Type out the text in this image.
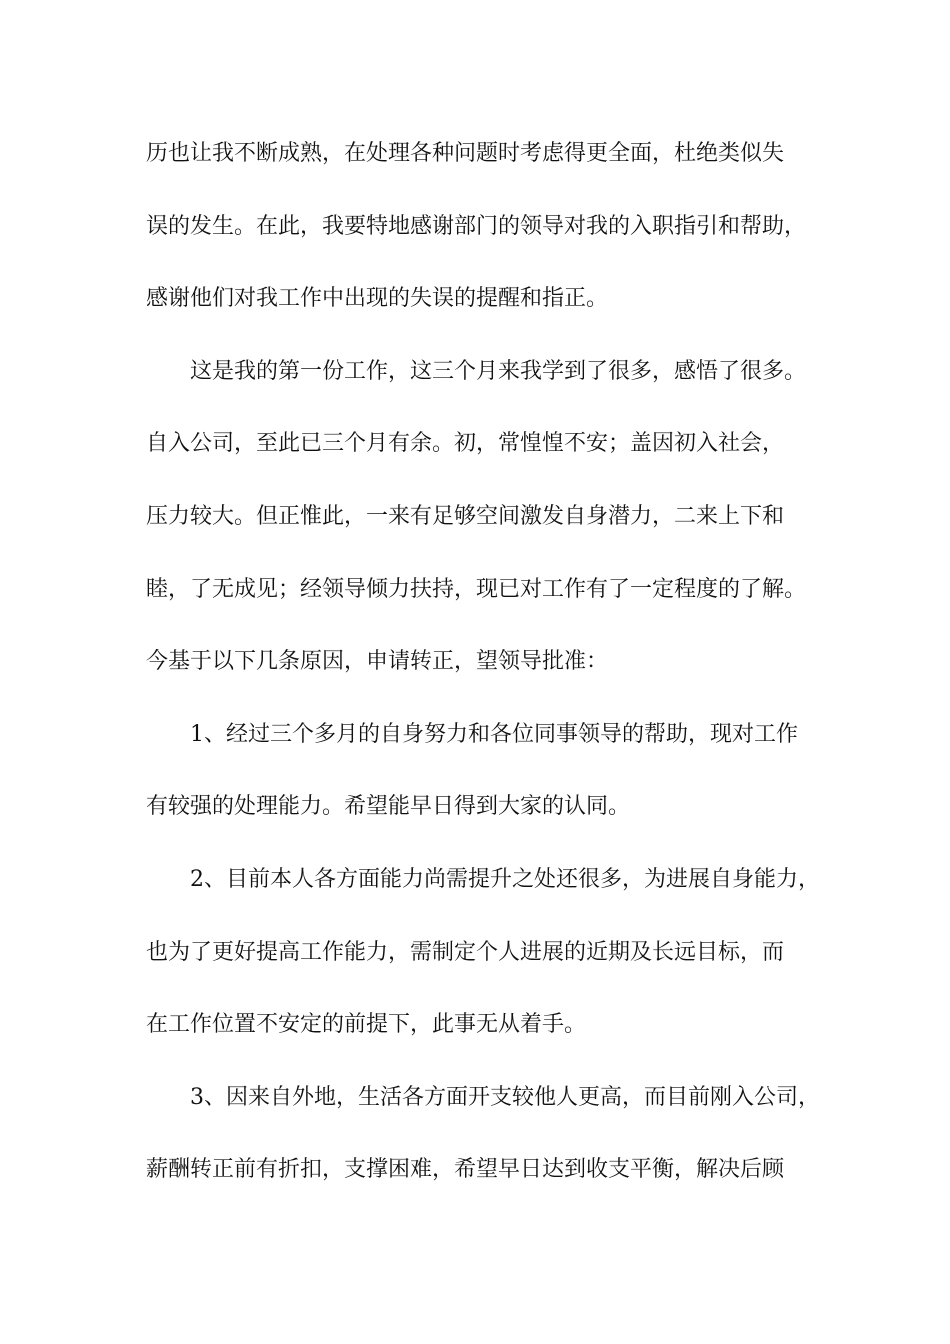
历也让我不断成熟，在处理各种问题时考虑得更全面，杜绝类似失
误的发生。在此，我要特地感谢部门的领导对我的入职指引和帮助，
感谢他们对我工作中出现的失误的提醒和指正。
这是我的第一份工作，这三个月来我学到了很多，感悟了很多。
自入公司，至此已三个月有余。初，常惶惶不安；盖因初入社会，
压力较大。但正惟此，一来有足够空间激发自身潜力，二来上下和
睦，了无成见；经领导倾力扶持，现已对工作有了一定程度的了解。
今基于以下几条原因，申请转正，望领导批准：
1、经过三个多月的自身努力和各位同事领导的帮助，现对工作
有较强的处理能力。希望能早日得到大家的认同。
2、目前本人各方面能力尚需提升之处还很多，为进展自身能力，
也为了更好提高工作能力，需制定个人进展的近期及长远目标，而
在工作位置不安定的前提下，此事无从着手。
3、因来自外地，生活各方面开支较他人更高，而目前刚入公司，
薪酬转正前有折扣，支撑困难，希望早日达到收支平衡，解决后顾
